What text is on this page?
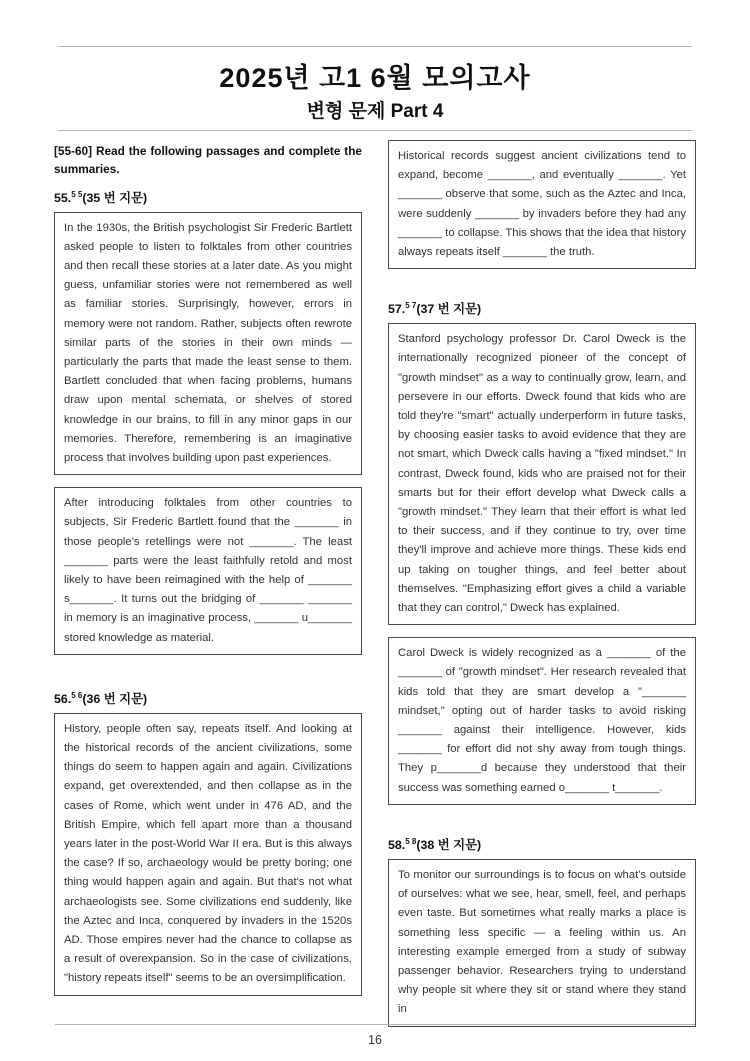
2025년 고1 6월 모의고사
변형 문제 Part 4

[55-60] Read the following passages and complete the summaries.

55.$^{5 5}$(35 번 지문)
In the 1930s, the British psychologist Sir Frederic Bartlett asked people to listen to folktales from other countries and then recall these stories at a later date. As you might guess, unfamiliar stories were not remembered as well as familiar stories. Surprisingly, however, errors in memory were not random. Rather, subjects often rewrote similar parts of the stories in their own minds — particularly the parts that made the least sense to them. Bartlett concluded that when facing problems, humans draw upon mental schemata, or shelves of stored knowledge in our brains, to fill in any minor gaps in our memories. Therefore, remembering is an imaginative process that involves building upon past experiences.
After introducing folktales from other countries to subjects, Sir Frederic Bartlett found that the _______ in those people's retellings were not _______. The least _______ parts were the least faithfully retold and most likely to have been reimagined with the help of _______ s_______. It turns out the bridging of _______ _______ in memory is an imaginative process, _______ u_______ stored knowledge as material.
56.$^{5 6}$(36 번 지문)
History, people often say, repeats itself. And looking at the historical records of the ancient civilizations, some things do seem to happen again and again. Civilizations expand, get overextended, and then collapse as in the cases of Rome, which went under in 476 AD, and the British Empire, which fell apart more than a thousand years later in the post-World War II era. But is this always the case? If so, archaeology would be pretty boring; one thing would happen again and again. But that's not what archaeologists see. Some civilizations end suddenly, like the Aztec and Inca, conquered by invaders in the 1520s AD. Those empires never had the chance to collapse as a result of overexpansion. So in the case of civilizations, "history repeats itself" seems to be an oversimplification.
Historical records suggest ancient civilizations tend to expand, become _______, and eventually _______. Yet _______ observe that some, such as the Aztec and Inca, were suddenly _______ by invaders before they had any _______ to collapse. This shows that the idea that history always repeats itself _______ the truth.
57.$^{5 7}$(37 번 지문)
Stanford psychology professor Dr. Carol Dweck is the internationally recognized pioneer of the concept of "growth mindset" as a way to continually grow, learn, and persevere in our efforts. Dweck found that kids who are told they're "smart" actually underperform in future tasks, by choosing easier tasks to avoid evidence that they are not smart, which Dweck calls having a "fixed mindset." In contrast, Dweck found, kids who are praised not for their smarts but for their effort develop what Dweck calls a "growth mindset." They learn that their effort is what led to their success, and if they continue to try, over time they'll improve and achieve more things. These kids end up taking on tougher things, and feel better about themselves. "Emphasizing effort gives a child a variable that they can control," Dweck has explained.
Carol Dweck is widely recognized as a _______ of the _______ of "growth mindset". Her research revealed that kids told that they are smart develop a "_______ mindset," opting out of harder tasks to avoid risking _______ against their intelligence. However, kids _______ for effort did not shy away from tough things. They p_______d because they understood that their success was something earned o_______ t_______.
58.$^{5 8}$(38 번 지문)
To monitor our surroundings is to focus on what's outside of ourselves: what we see, hear, smell, feel, and perhaps even taste. But sometimes what really marks a place is something less specific — a feeling within us. An interesting example emerged from a study of subway passenger behavior. Researchers trying to understand why people sit where they sit or stand where they stand in
16
